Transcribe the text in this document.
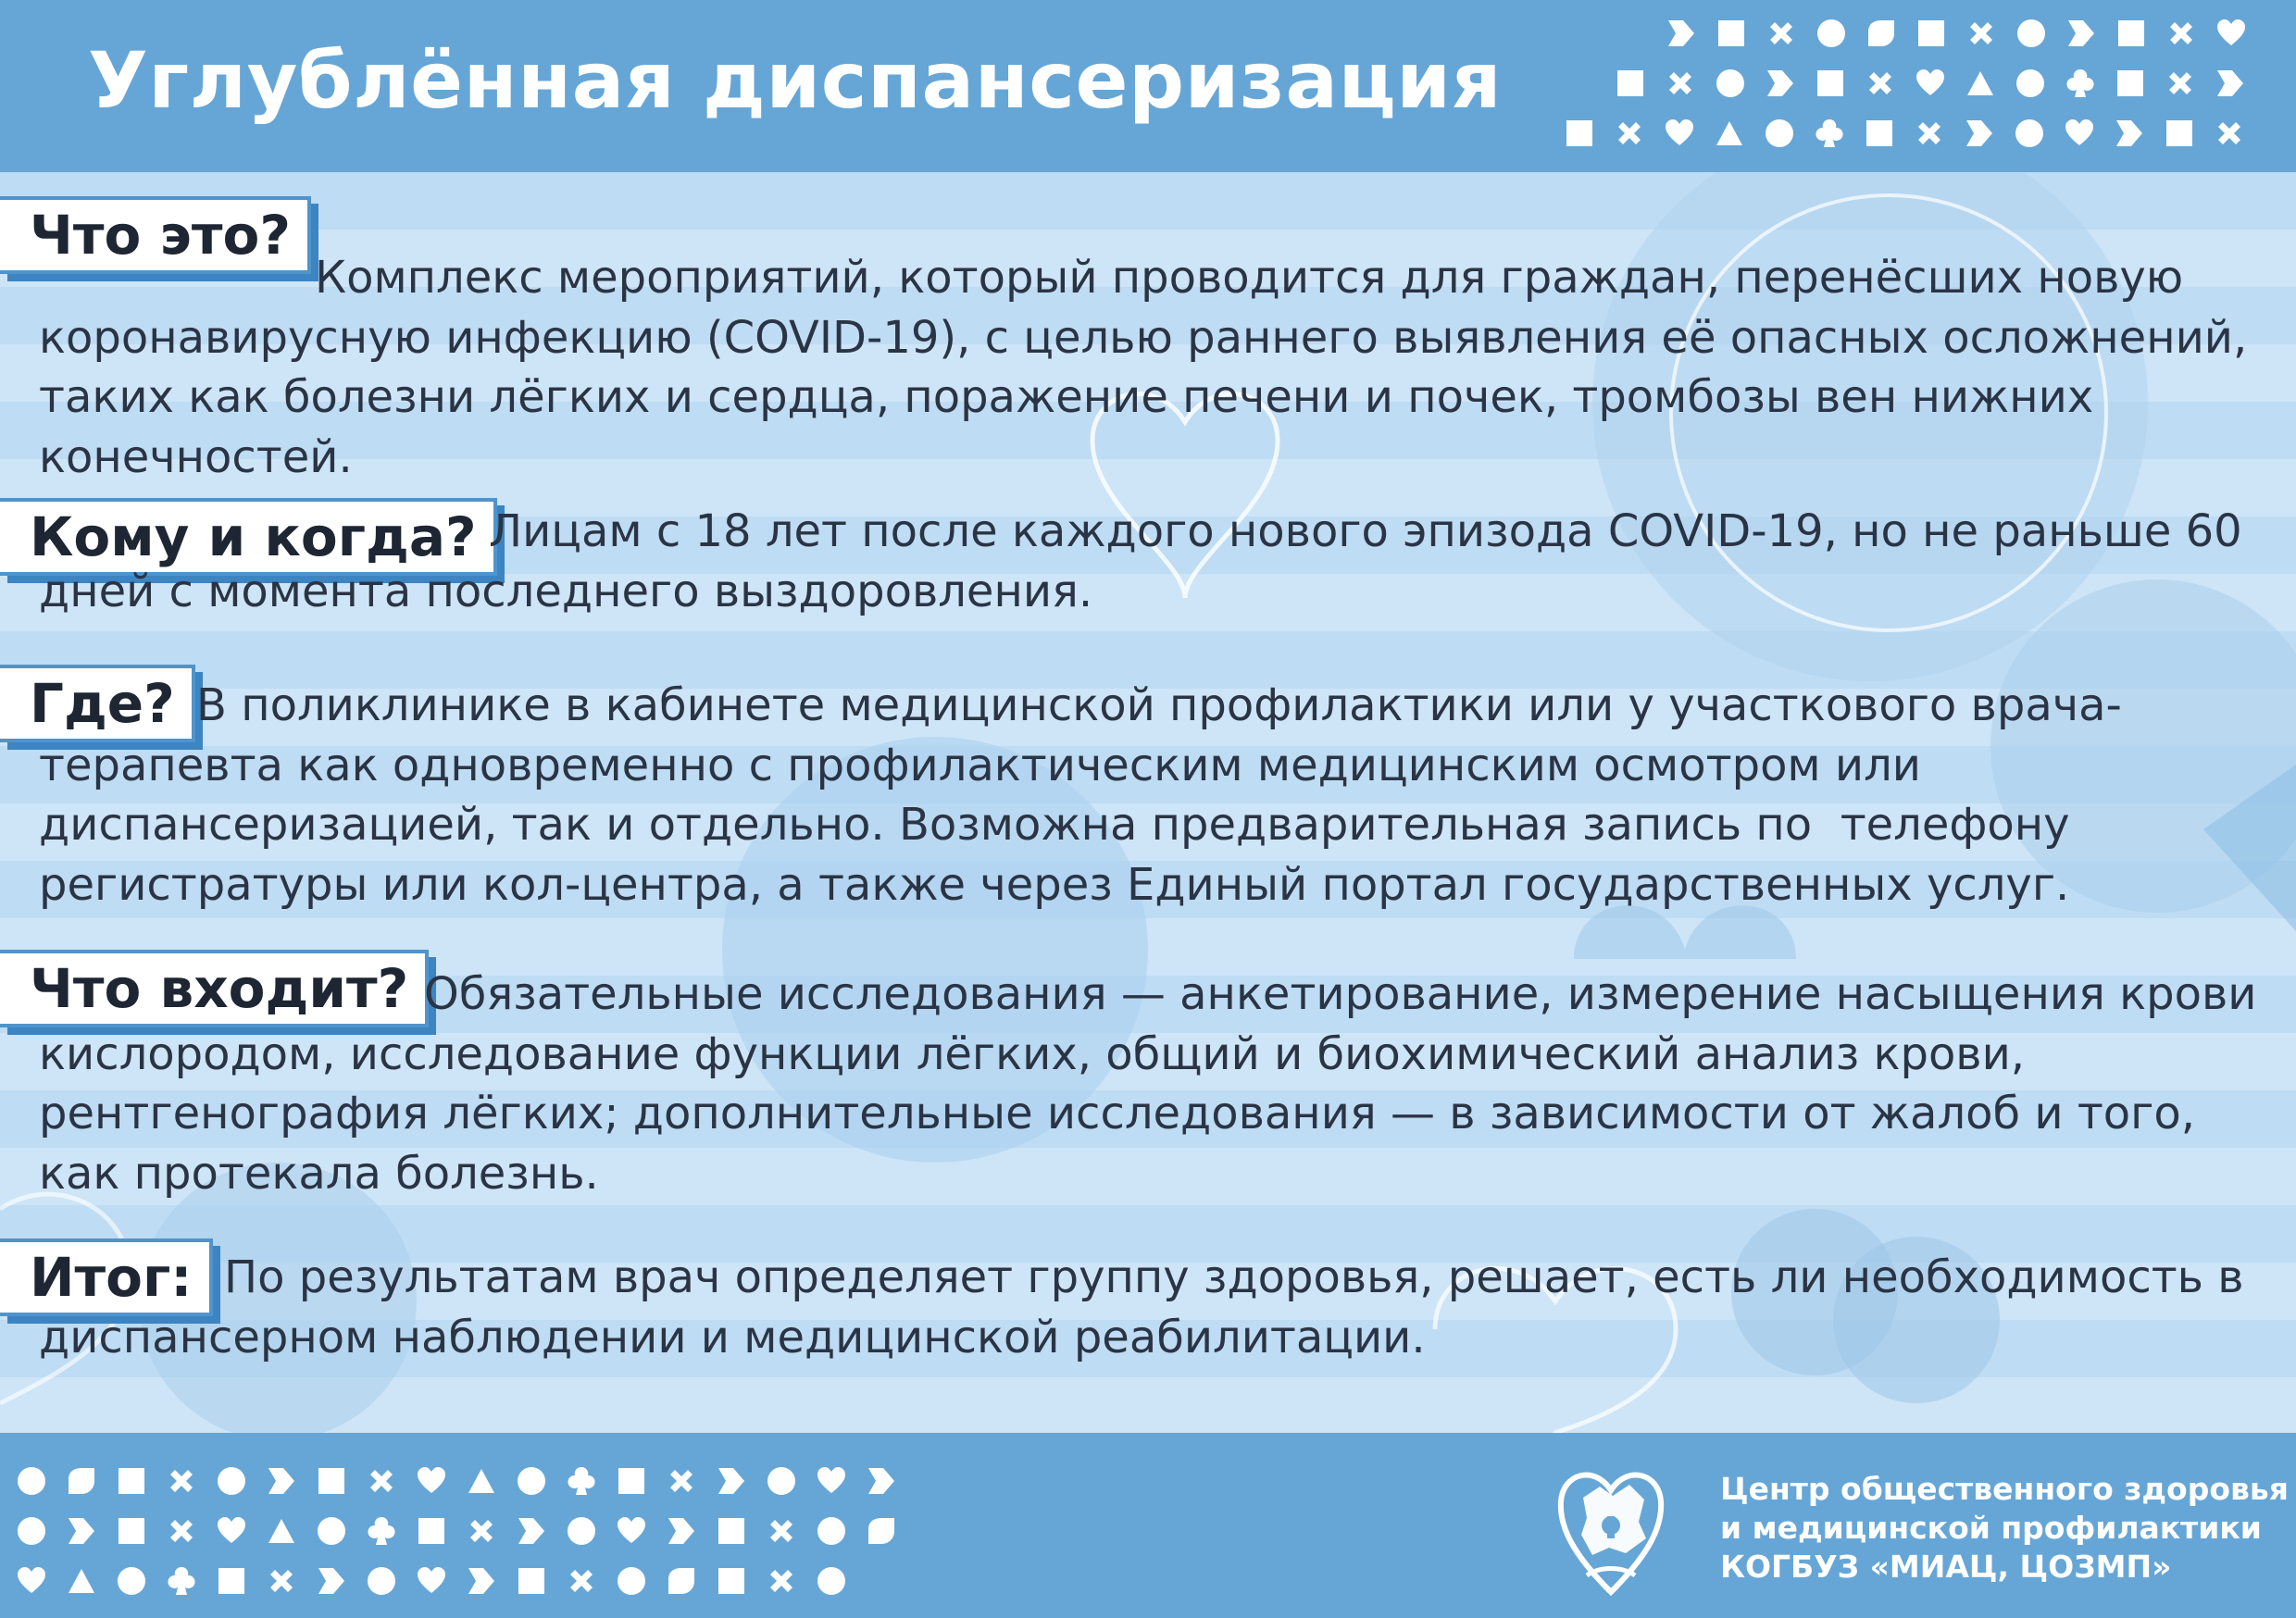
Углублённая диспансеризация
Что это?

Комплекс мероприятий, который проводится для граждан, перенёсших новую коронавирусную инфекцию (COVID-19), с целью раннего выявления её опасных осложнений, таких как болезни лёгких и сердца, поражение печени и почек, тромбозы вен нижних конечностей.

Кому и когда? Лицам с 18 лет после каждого нового эпизода COVID-19, но не раньше 60 дней с момента последнего выздоровления.

Где? В поликлинике в кабинете медицинской профилактики или у участкового врача-терапевта как одновременно с профилактическим медицинским осмотром или диспансеризацией, так и отдельно. Возможна предварительная запись по  телефону регистратуры или кол-центра, а также через Единый портал государственных услуг.

Что входит? Обязательные исследования — анкетирование, измерение насыщения крови кислородом, исследование функции лёгких, общий и биохимический анализ крови, рентгенография лёгких; дополнительные исследования — в зависимости от жалоб и того, как протекала болезнь.

Итог: По результатам врач определяет группу здоровья, решает, есть ли необходимость в диспансерном наблюдении и медицинской реабилитации.

Центр общественного здоровья
и медицинской профилактики
КОГБУЗ «МИАЦ, ЦОЗМП»
